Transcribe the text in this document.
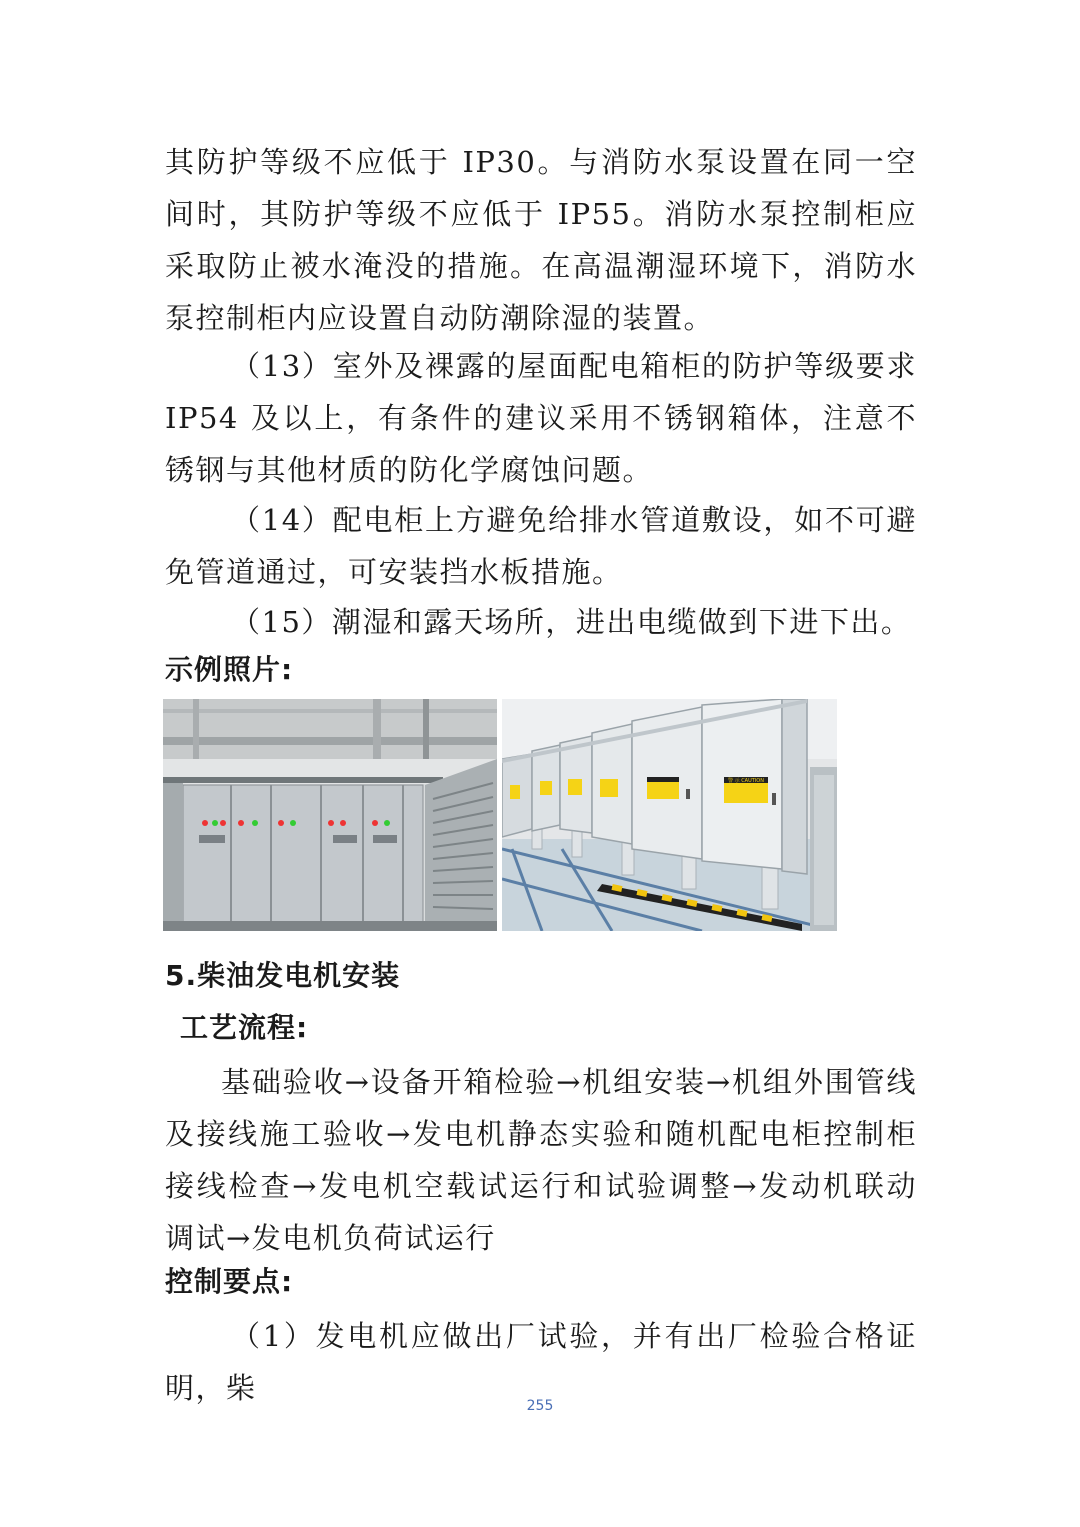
其防护等级不应低于 IP30。与消防水泵设置在同一空间时，其防护等级不应低于 IP55。消防水泵控制柜应采取防止被水淹没的措施。在高温潮湿环境下，消防水泵控制柜内应设置自动防潮除湿的装置。

（13）室外及裸露的屋面配电箱柜的防护等级要求 IP54 及以上，有条件的建议采用不锈钢箱体，注意不锈钢与其他材质的防化学腐蚀问题。

（14）配电柜上方避免给排水管道敷设，如不可避免管道通过，可安装挡水板措施。

（15）潮湿和露天场所，进出电缆做到下进下出。

示例照片:
警 示 CAUTION
5.柴油发电机安装
工艺流程:

基础验收→设备开箱检验→机组安装→机组外围管线及接线施工验收→发电机静态实验和随机配电柜控制柜接线检查→发电机空载试运行和试验调整→发动机联动调试→发电机负荷试运行

控制要点:

（1）发电机应做出厂试验，并有出厂检验合格证明，柴

255
